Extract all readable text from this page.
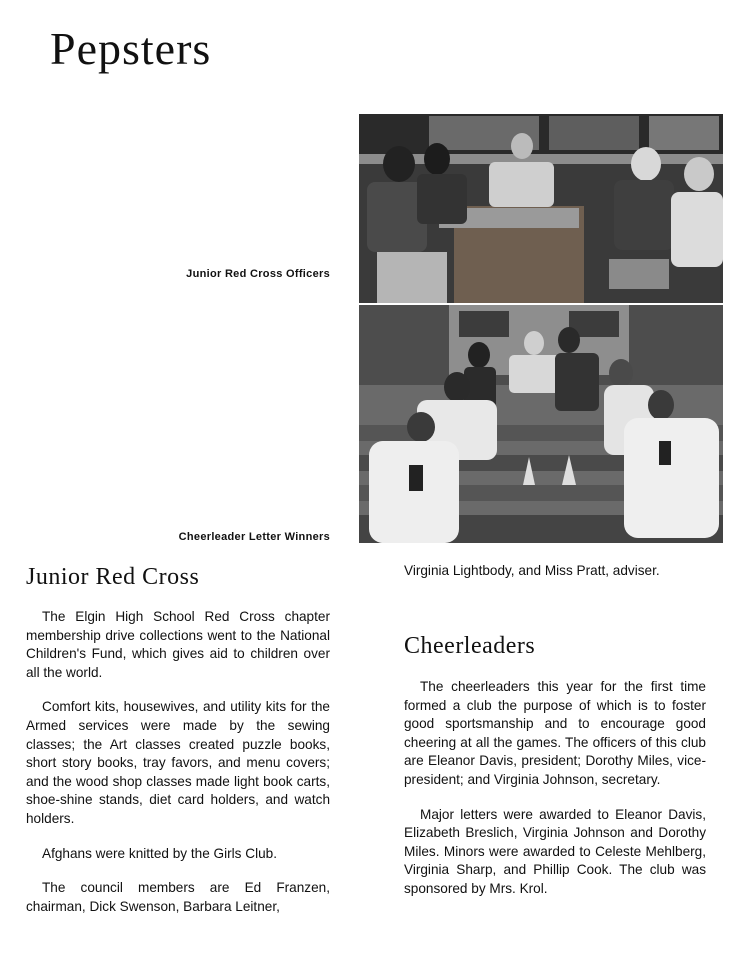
Pepsters
Junior Red Cross Officers
Cheerleader Letter Winners
Junior Red Cross

The Elgin High School Red Cross chapter membership drive collections went to the National Children's Fund, which gives aid to children over all the world.

Comfort kits, housewives, and utility kits for the Armed services were made by the sewing classes; the Art classes created puzzle books, short story books, tray favors, and menu covers; and the wood shop classes made light book carts, shoe-shine stands, diet card holders, and watch holders.

Afghans were knitted by the Girls Club.

The council members are Ed Franzen, chairman, Dick Swenson, Barbara Leitner,

Virginia Lightbody, and Miss Pratt, adviser.

Cheerleaders

The cheerleaders this year for the first time formed a club the purpose of which is to foster good sportsmanship and to encourage good cheering at all the games. The officers of this club are Eleanor Davis, president; Dorothy Miles, vice-president; and Virginia Johnson, secretary.

Major letters were awarded to Eleanor Davis, Elizabeth Breslich, Virginia Johnson and Dorothy Miles. Minors were awarded to Celeste Mehlberg, Virginia Sharp, and Phillip Cook. The club was sponsored by Mrs. Krol.
